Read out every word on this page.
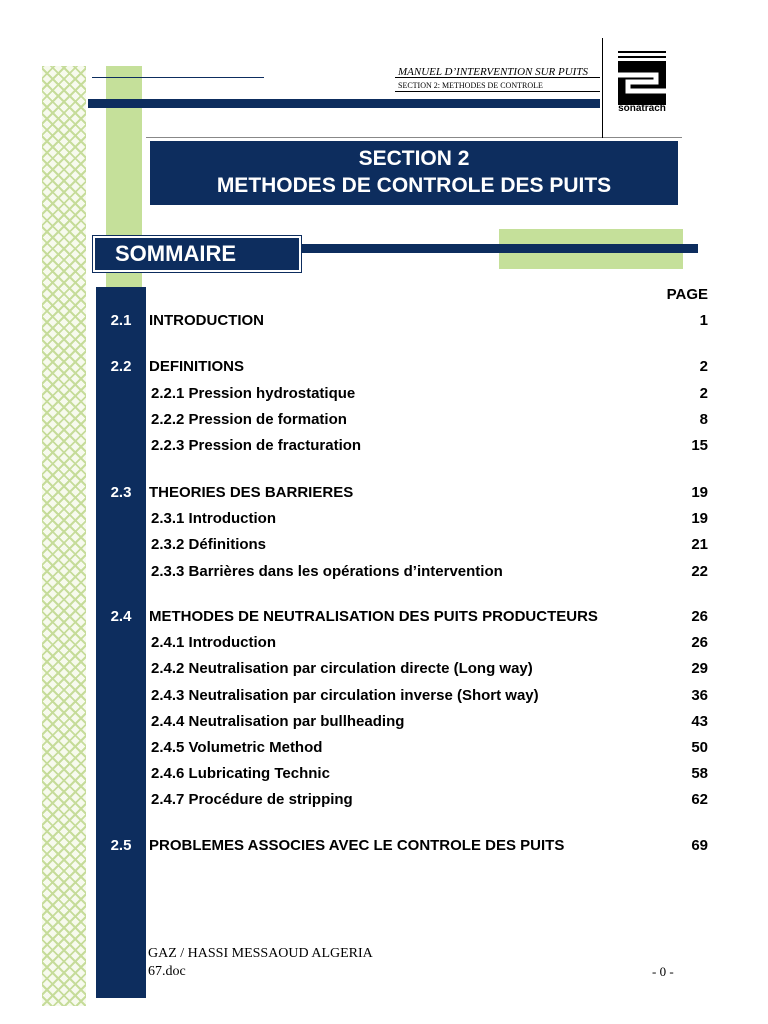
MANUEL D’INTERVENTION SUR PUITS
SECTION 2: METHODES DE CONTROLE
sonatrach
SECTION 2
METHODES DE CONTROLE DES PUITS
SOMMAIRE
PAGE
2.1	INTRODUCTION	1
2.2	DEFINITIONS	2
2.2.1 Pression hydrostatique	2
2.2.2 Pression de formation	8
2.2.3 Pression de fracturation	15
2.3	THEORIES DES BARRIERES	19
2.3.1 Introduction	19
2.3.2 Définitions	21
2.3.3 Barrières dans les opérations d’intervention	22
2.4	METHODES DE NEUTRALISATION DES PUITS PRODUCTEURS	26
2.4.1 Introduction	26
2.4.2 Neutralisation par circulation directe (Long way)	29
2.4.3 Neutralisation par circulation inverse (Short way)	36
2.4.4 Neutralisation par bullheading	43
2.4.5 Volumetric Method	50
2.4.6 Lubricating Technic	58
2.4.7 Procédure de stripping	62
2.5	PROBLEMES ASSOCIES AVEC LE CONTROLE DES PUITS	69
GAZ / HASSI MESSAOUD ALGERIA
67.doc	- 0 -
